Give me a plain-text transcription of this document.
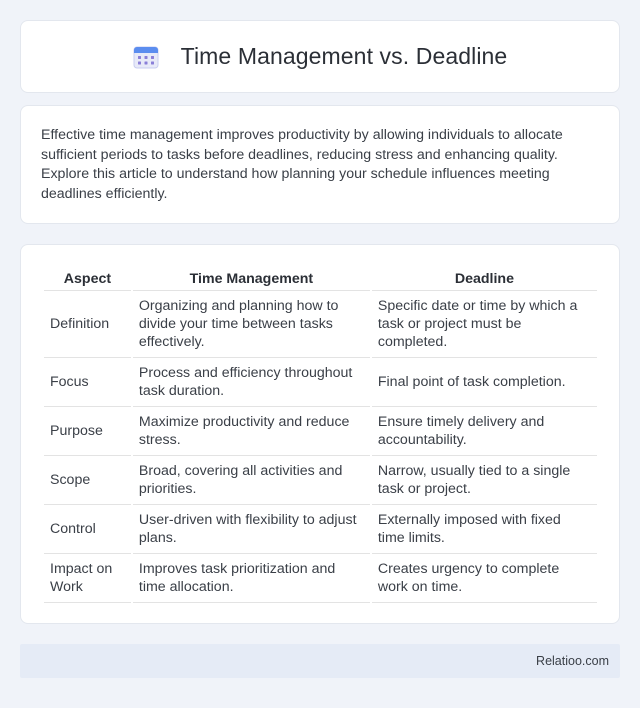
Time Management vs. Deadline

Effective time management improves productivity by allowing individuals to allocate sufficient periods to tasks before deadlines, reducing stress and enhancing quality. Explore this article to understand how planning your schedule influences meeting deadlines efficiently.

Aspect	Time Management	Deadline
Definition	Organizing and planning how to divide your time between tasks effectively.	Specific date or time by which a task or project must be completed.
Focus	Process and efficiency throughout task duration.	Final point of task completion.
Purpose	Maximize productivity and reduce stress.	Ensure timely delivery and accountability.
Scope	Broad, covering all activities and priorities.	Narrow, usually tied to a single task or project.
Control	User-driven with flexibility to adjust plans.	Externally imposed with fixed time limits.
Impact on Work	Improves task prioritization and time allocation.	Creates urgency to complete work on time.
Relatioo.com
